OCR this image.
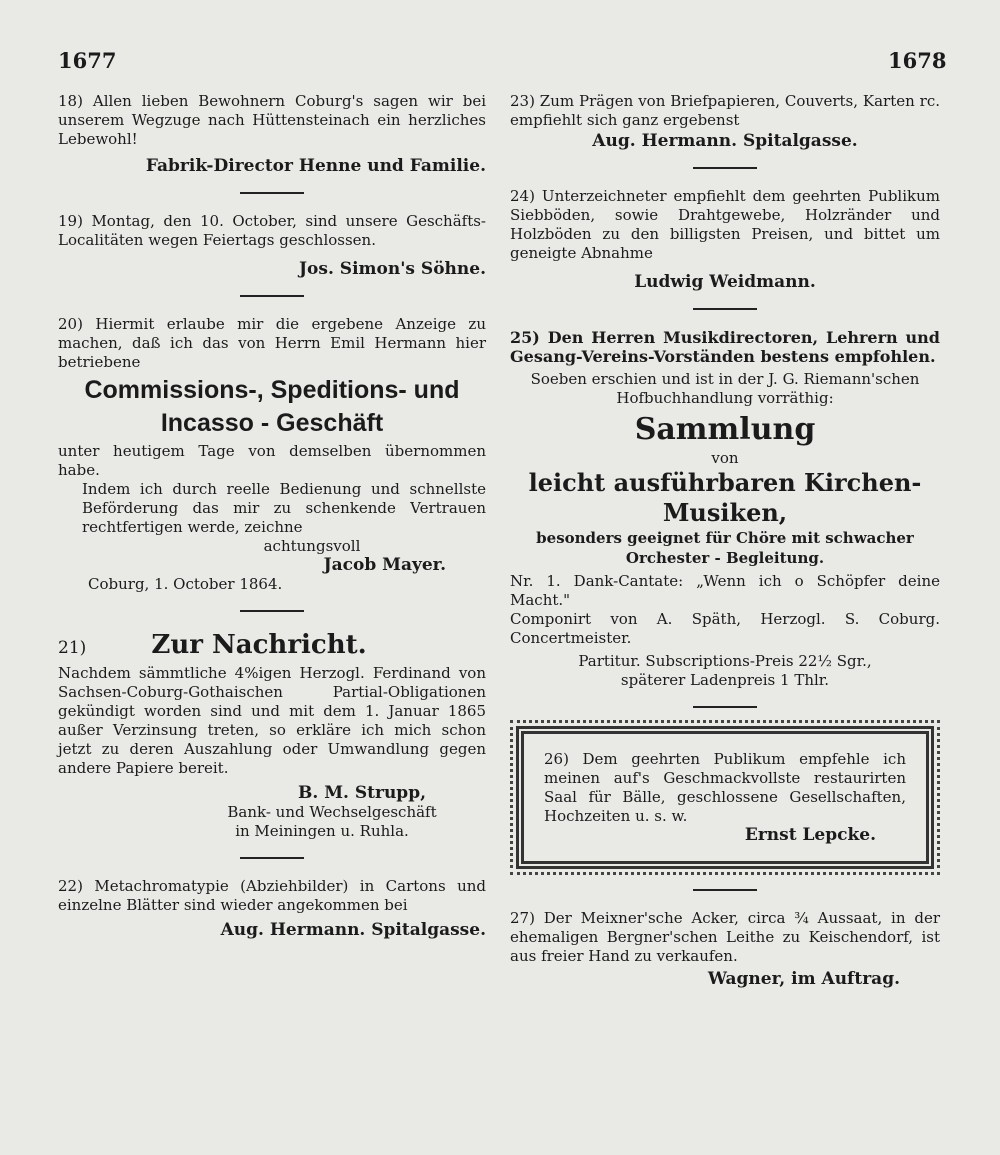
1677	1678

18) Allen lieben Bewohnern Coburg's sagen wir bei unserem Wegzuge nach Hüttensteinach ein herzliches Lebewohl!

Fabrik-Director Henne und Familie.

19) Montag, den 10. October, sind unsere Geschäfts-Localitäten wegen Feiertags geschlossen.

Jos. Simon's Söhne.

20) Hiermit erlaube mir die ergebene Anzeige zu machen, daß ich das von Herrn Emil Hermann hier betriebene

Commissions-, Speditions- und
Incasso - Geschäft

unter heutigem Tage von demselben übernommen habe.

Indem ich durch reelle Bedienung und schnellste Beförderung das mir zu schenkende Vertrauen rechtfertigen werde, zeichne

achtungsvoll

Jacob Mayer.

Coburg, 1. October 1864.

21)	Zur Nachricht.

Nachdem sämmtliche 4%igen Herzogl. Ferdinand von Sachsen-Coburg-Gothaischen Partial-Obligationen gekündigt worden sind und mit dem 1. Januar 1865 außer Verzinsung treten, so erkläre ich mich schon jetzt zu deren Auszahlung oder Umwandlung gegen andere Papiere bereit.

B. M. Strupp,

Bank- und Wechselgeschäft

in Meiningen u. Ruhla.

22) Metachromatypie (Abziehbilder) in Cartons und einzelne Blätter sind wieder angekommen bei

Aug. Hermann. Spitalgasse.

23) Zum Prägen von Briefpapieren, Couverts, Karten rc. empfiehlt sich ganz ergebenst

Aug. Hermann. Spitalgasse.

24) Unterzeichneter empfiehlt dem geehrten Publikum Siebböden, sowie Drahtgewebe, Holzränder und Holzböden zu den billigsten Preisen, und bittet um geneigte Abnahme

Ludwig Weidmann.

25) Den Herren Musikdirectoren, Lehrern und Gesang-Vereins-Vorständen bestens empfohlen.

Soeben erschien und ist in der J. G. Riemann'schen Hofbuchhandlung vorräthig:

Sammlung
von
leicht ausführbaren Kirchen-Musiken,
besonders geeignet für Chöre mit schwacher
Orchester - Begleitung.

Nr. 1. Dank-Cantate: „Wenn ich o Schöpfer deine Macht."

Componirt von A. Späth, Herzogl. S. Coburg. Concertmeister.

Partitur. Subscriptions-Preis 22½ Sgr.,

späterer Ladenpreis 1 Thlr.

26) Dem geehrten Publikum empfehle ich meinen auf's Geschmackvollste restaurirten Saal für Bälle, geschlossene Gesellschaften, Hochzeiten u. s. w.

Ernst Lepcke.

27) Der Meixner'sche Acker, circa ¾ Aussaat, in der ehemaligen Bergner'schen Leithe zu Keischendorf, ist aus freier Hand zu verkaufen.

Wagner, im Auftrag.
